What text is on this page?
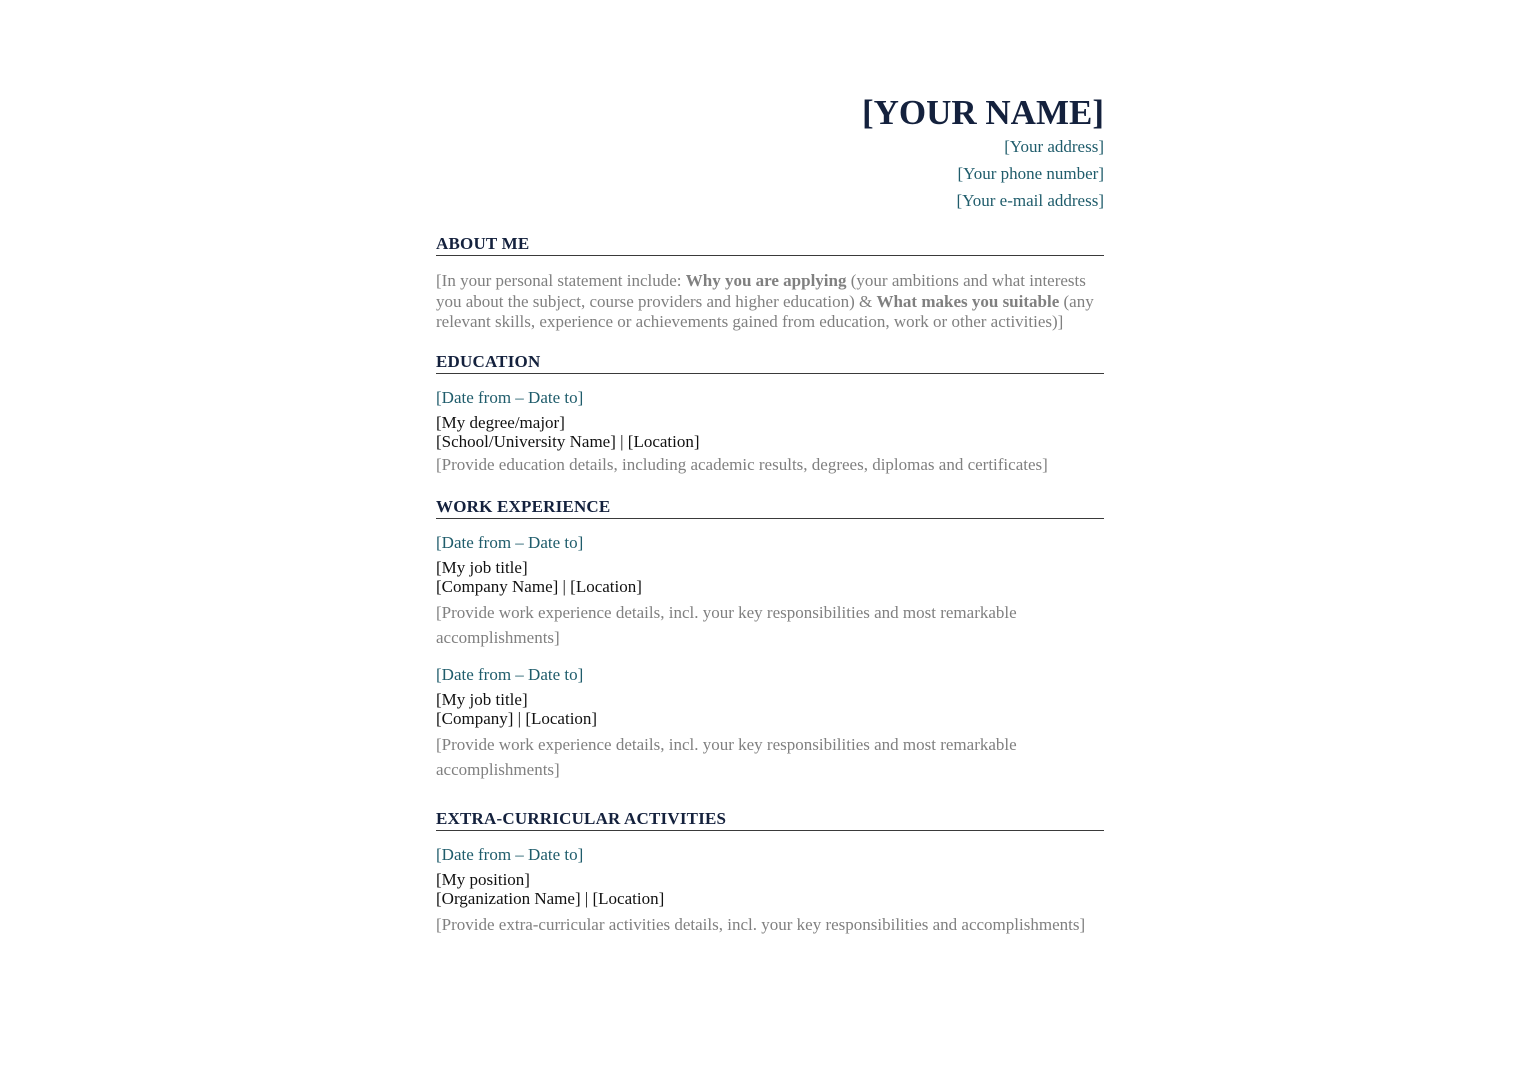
[YOUR NAME]

[Your address]

[Your phone number]

[Your e-mail address]

ABOUT ME

[In your personal statement include: Why you are applying (your ambitions and what interests you about the subject, course providers and higher education) & What makes you suitable (any relevant skills, experience or achievements gained from education, work or other activities)]

EDUCATION

[Date from – Date to]

[My degree/major]

[School/University Name] | [Location]

[Provide education details, including academic results, degrees, diplomas and certificates]

WORK EXPERIENCE

[Date from – Date to]

[My job title]

[Company Name] | [Location]

[Provide work experience details, incl. your key responsibilities and most remarkable accomplishments]

[Date from – Date to]

[My job title]

[Company] | [Location]

[Provide work experience details, incl. your key responsibilities and most remarkable accomplishments]

EXTRA-CURRICULAR ACTIVITIES

[Date from – Date to]

[My position]

[Organization Name] | [Location]

[Provide extra-curricular activities details, incl. your key responsibilities and accomplishments]
